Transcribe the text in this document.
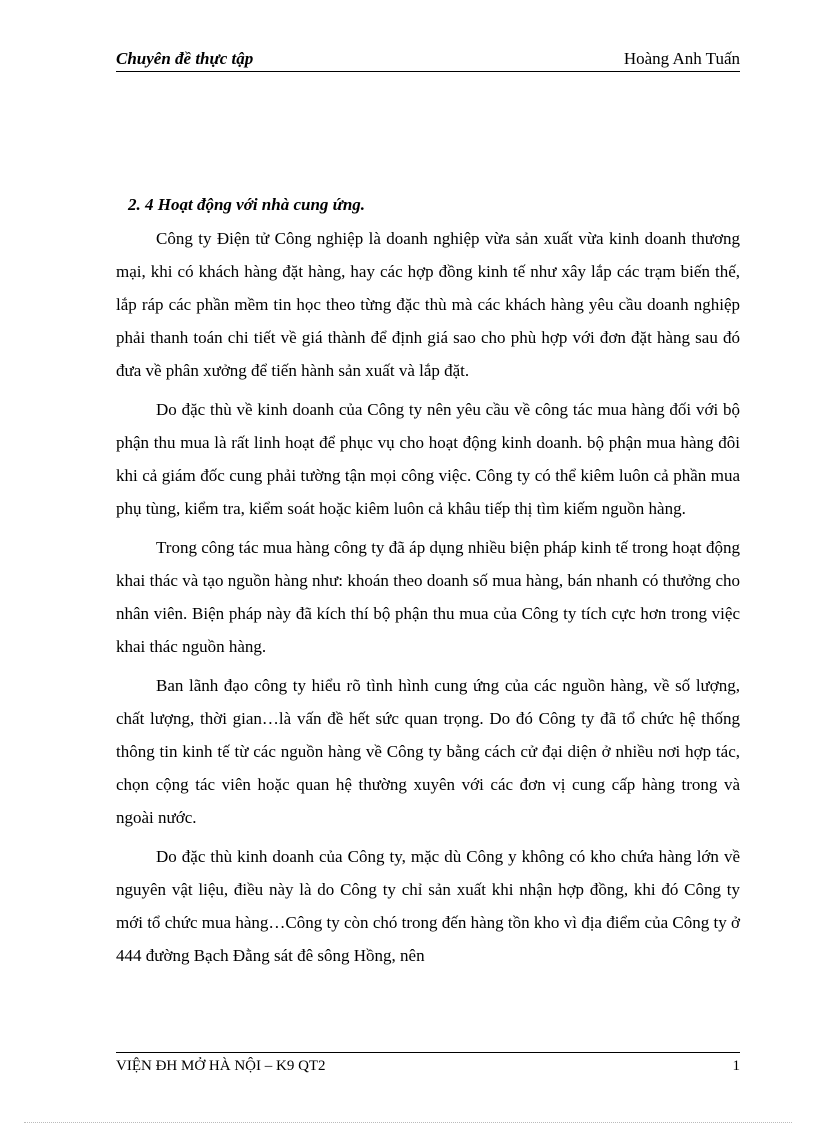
Chuyên đề thực tập	Hoàng Anh Tuấn

2. 4 Hoạt động với nhà cung ứng.

Công ty Điện tử Công nghiệp là doanh nghiệp vừa sản xuất vừa kinh doanh thương mại, khi có khách hàng đặt hàng, hay các hợp đồng kinh tế như xây lắp các trạm biến thế, lắp ráp các phần mềm tin học theo từng đặc thù mà các khách hàng yêu cầu doanh nghiệp phải thanh toán chi tiết về giá thành để định giá sao cho phù hợp với đơn đặt hàng sau đó đưa về phân xưởng để tiến hành sản xuất và lắp đặt.

Do đặc thù về kinh doanh của Công ty nên yêu cầu về công tác mua hàng đối với bộ phận thu mua là rất linh hoạt để phục vụ cho hoạt động kinh doanh. bộ phận mua hàng đôi khi cả giám đốc cung phải tường tận mọi công việc. Công ty có thể kiêm luôn cả phần mua phụ tùng, kiểm tra, kiểm soát hoặc kiêm luôn cả khâu tiếp thị tìm kiếm nguồn hàng.

Trong công tác mua hàng công ty đã áp dụng nhiều biện pháp kinh tế trong hoạt động khai thác và tạo nguồn hàng như: khoán theo doanh số mua hàng, bán nhanh có thưởng cho nhân viên. Biện pháp này đã kích thí bộ phận thu mua của Công ty tích cực hơn trong việc khai thác nguồn hàng.

Ban lãnh đạo công ty hiểu rõ tình hình cung ứng của các nguồn hàng, về số lượng, chất lượng, thời gian…là vấn đề hết sức quan trọng. Do đó Công ty đã tổ chức hệ thống thông tin kinh tế từ các nguồn hàng về Công ty bằng cách cử đại diện ở nhiều nơi hợp tác, chọn cộng tác viên hoặc quan hệ thường xuyên với các đơn vị cung cấp hàng trong và ngoài nước.

Do đặc thù kinh doanh của Công ty, mặc dù Công y không có kho chứa hàng lớn về nguyên vật liệu, điều này là do Công ty chỉ sản xuất khi nhận hợp đồng, khi đó Công ty mới tổ chức mua hàng…Công ty còn chó trong đến hàng tồn kho vì địa điểm của Công ty ở 444 đường Bạch Đằng sát đê sông Hồng, nên

VIỆN ĐH MỞ HÀ NỘI – K9 QT2	1
